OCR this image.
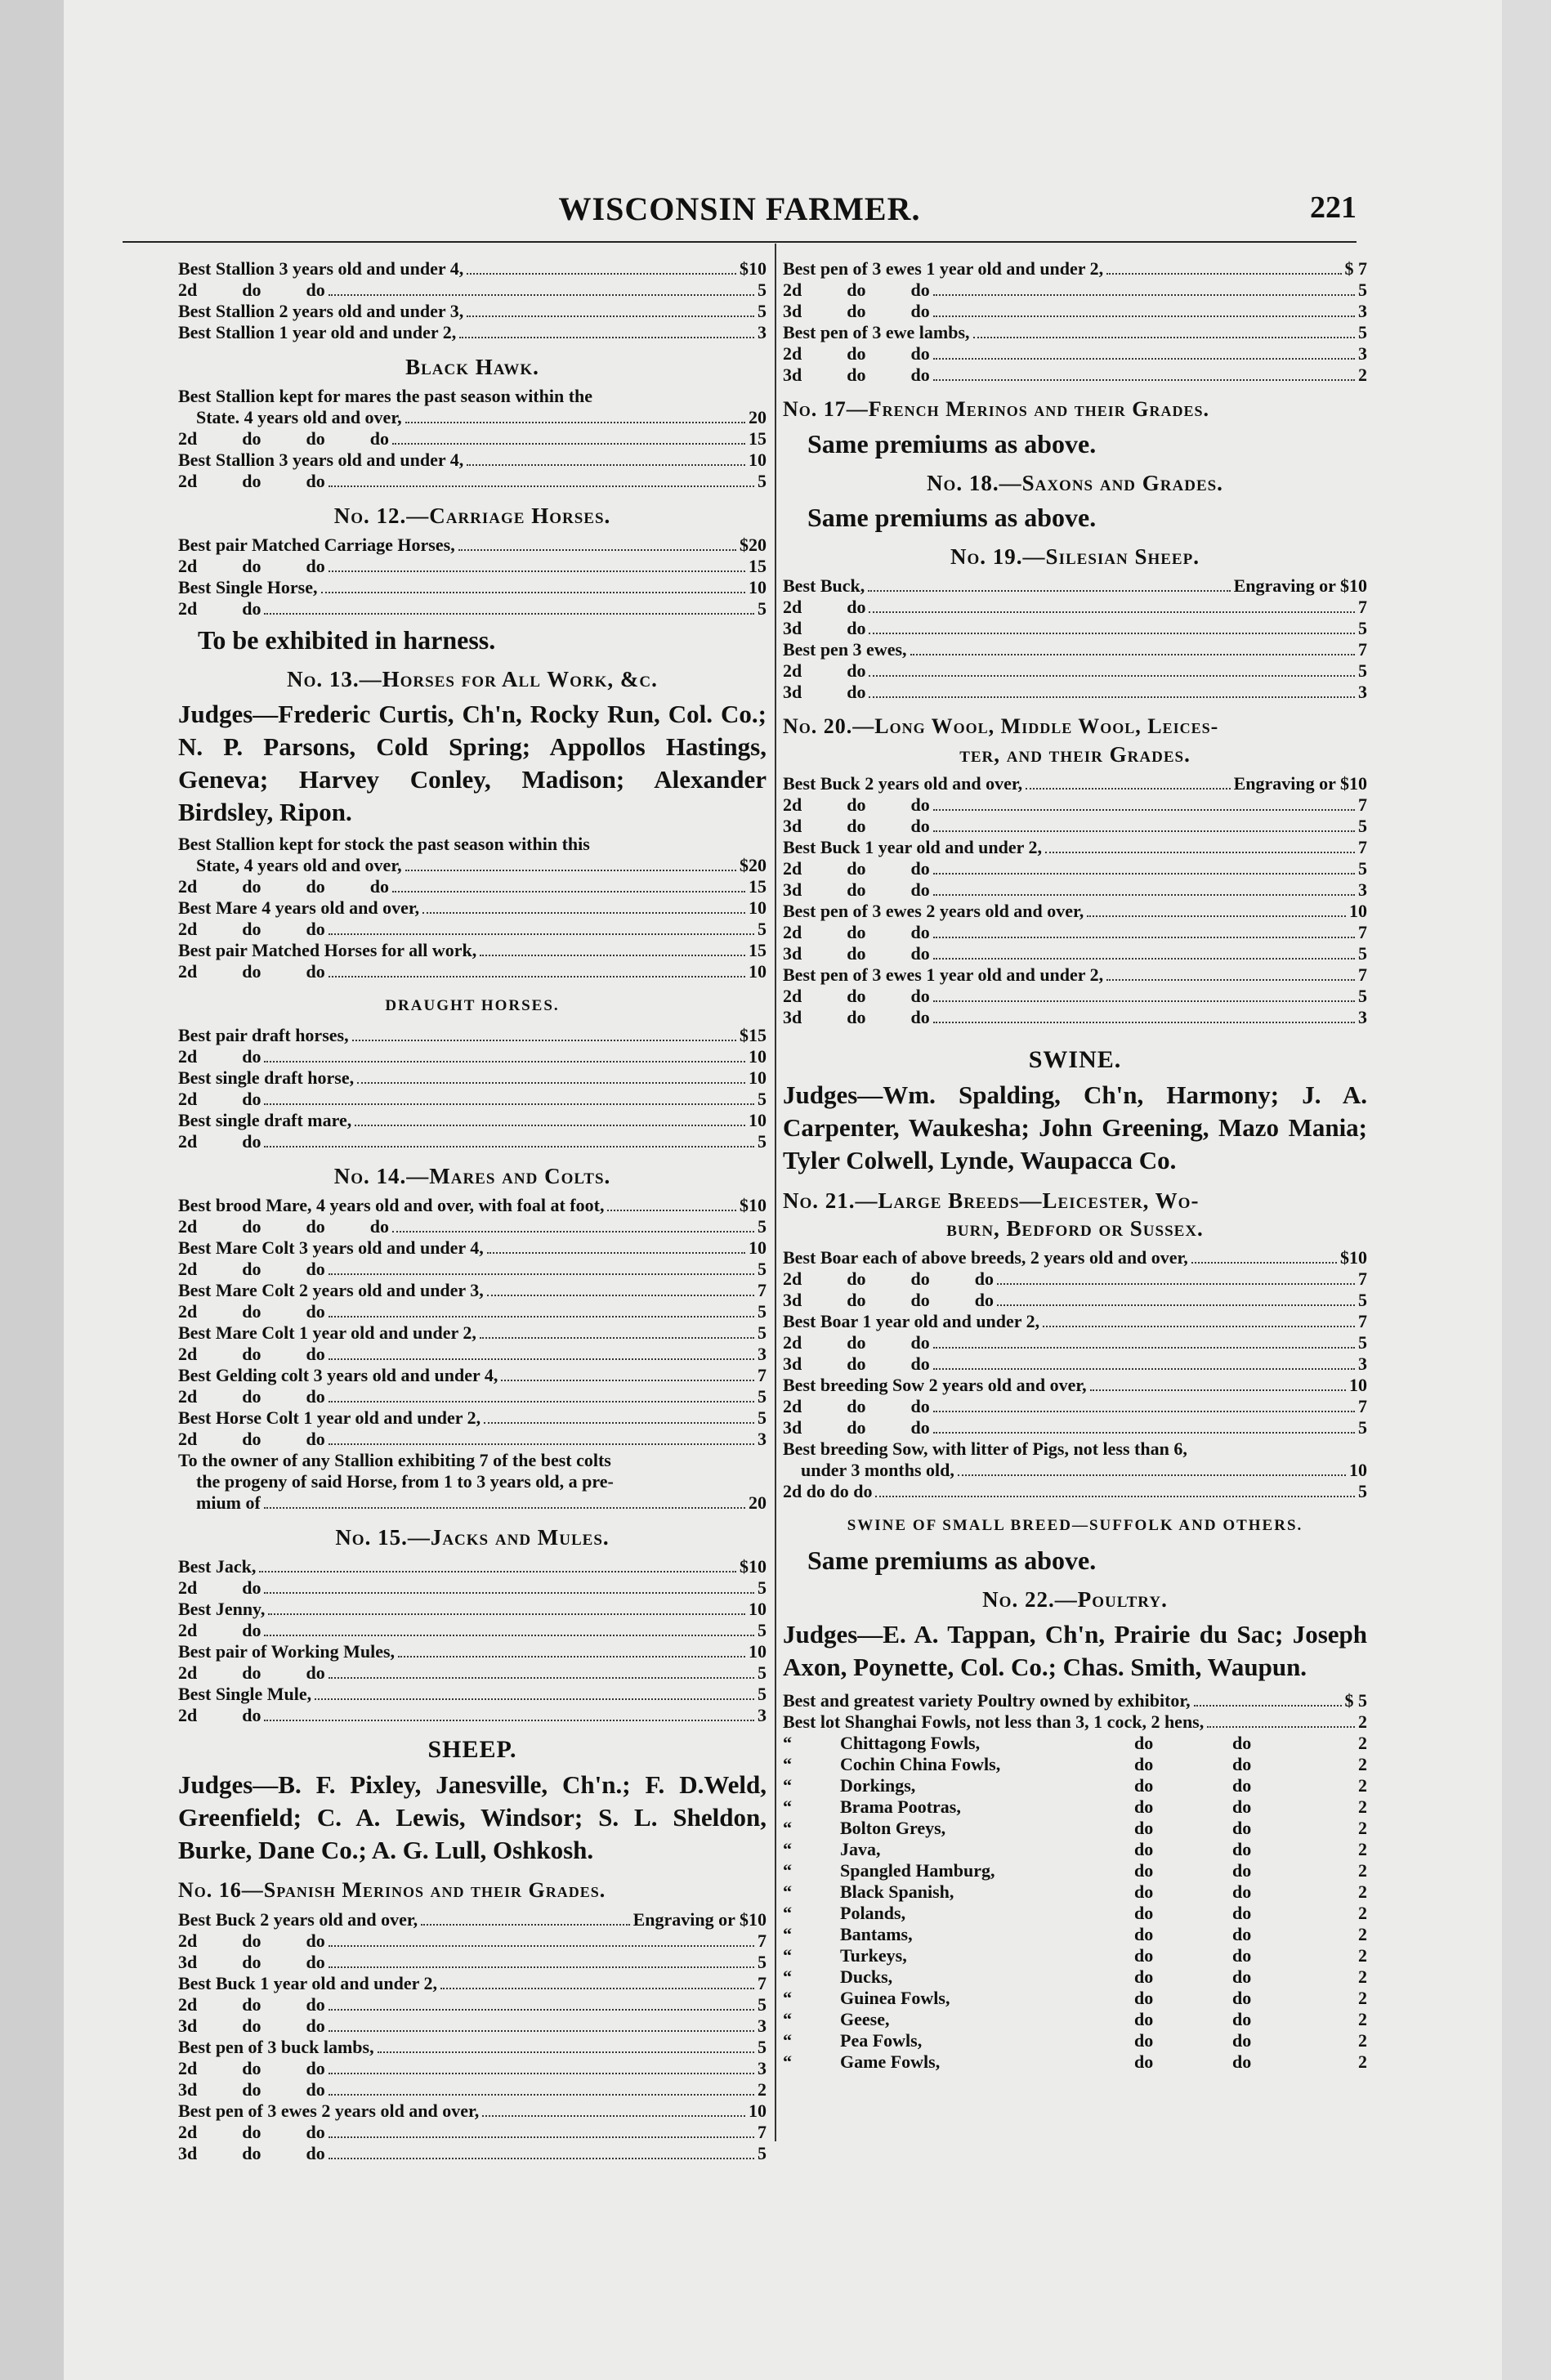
WISCONSIN FARMER.	221
Best Stallion 3 years old and under 4,	$10
2d          do          do	5
Best Stallion 2 years old and under 3,	5
Best Stallion 1 year old and under 2,	3
Black Hawk.
Best Stallion kept for mares the past season within the
State. 4 years old and over,	20
2d          do          do          do	15
Best Stallion 3 years old and under 4,	10
2d          do          do	5
No. 12.—Carriage Horses.
Best pair Matched Carriage Horses,	$20
2d          do          do	15
Best Single Horse,	10
2d          do	5
To be exhibited in harness.
No. 13.—Horses for All Work, &c.
Judges—Frederic Curtis, Ch'n, Rocky Run, Col. Co.; N. P. Parsons, Cold Spring; Appollos Hastings, Geneva; Harvey Conley, Madison; Alexander Birdsley, Ripon.
Best Stallion kept for stock the past season within this
State, 4 years old and over,	$20
2d          do          do          do	15
Best Mare 4 years old and over,	10
2d          do          do	5
Best pair Matched Horses for all work,	15
2d          do          do	10
DRAUGHT HORSES.
Best pair draft horses,	$15
2d          do	10
Best single draft horse,	10
2d          do	5
Best single draft mare,	10
2d          do	5
No. 14.—Mares and Colts.
Best brood Mare, 4 years old and over, with foal at foot,	$10
2d          do          do          do	5
Best Mare Colt 3 years old and under 4,	10
2d          do          do	5
Best Mare Colt 2 years old and under 3,	7
2d          do          do	5
Best Mare Colt 1 year old and under 2,	5
2d          do          do	3
Best Gelding colt 3 years old and under 4,	7
2d          do          do	5
Best Horse Colt 1 year old and under 2,	5
2d          do          do	3
To the owner of any Stallion exhibiting 7 of the best colts
the progeny of said Horse, from 1 to 3 years old, a pre-
mium of	20
No. 15.—Jacks and Mules.
Best Jack,	$10
2d          do	5
Best Jenny,	10
2d          do	5
Best pair of Working Mules,	10
2d          do          do	5
Best Single Mule,	5
2d          do	3
SHEEP.
Judges—B. F. Pixley, Janesville, Ch'n.; F. D.Weld, Greenfield; C. A. Lewis, Windsor; S. L. Sheldon, Burke, Dane Co.; A. G. Lull, Oshkosh.
No. 16—Spanish Merinos and their Grades.
Best Buck 2 years old and over,	Engraving or $10
2d          do          do	7
3d          do          do	5
Best Buck 1 year old and under 2,	7
2d          do          do	5
3d          do          do	3
Best pen of 3 buck lambs,	5
2d          do          do	3
3d          do          do	2
Best pen of 3 ewes 2 years old and over,	10
2d          do          do	7
3d          do          do	5
Best pen of 3 ewes 1 year old and under 2,	$ 7
2d          do          do	5
3d          do          do	3
Best pen of 3 ewe lambs,	5
2d          do          do	3
3d          do          do	2
No. 17—French Merinos and their Grades.
Same premiums as above.
No. 18.—Saxons and Grades.
Same premiums as above.
No. 19.—Silesian Sheep.
Best Buck,	Engraving or $10
2d          do	7
3d          do	5
Best pen 3 ewes,	7
2d          do	5
3d          do	3
No. 20.—Long Wool, Middle Wool, Leices-
ter, and their Grades.
Best Buck 2 years old and over,	Engraving or $10
2d          do          do	7
3d          do          do	5
Best Buck 1 year old and under 2,	7
2d          do          do	5
3d          do          do	3
Best pen of 3 ewes 2 years old and over,	10
2d          do          do	7
3d          do          do	5
Best pen of 3 ewes 1 year old and under 2,	7
2d          do          do	5
3d          do          do	3
SWINE.
Judges—Wm. Spalding, Ch'n, Harmony; J. A. Carpenter, Waukesha; John Greening, Mazo Mania; Tyler Colwell, Lynde, Waupacca Co.
No. 21.—Large Breeds—Leicester, Wo-
burn, Bedford or Sussex.
Best Boar each of above breeds, 2 years old and over,	$10
2d          do          do          do	7
3d          do          do          do	5
Best Boar 1 year old and under 2,	7
2d          do          do	5
3d          do          do	3
Best breeding Sow 2 years old and over,	10
2d          do          do	7
3d          do          do	5
Best breeding Sow, with litter of Pigs, not less than 6,
under 3 months old,	10
2d do do do	5
SWINE OF SMALL BREED—SUFFOLK AND OTHERS.
Same premiums as above.
No. 22.—Poultry.
Judges—E. A. Tappan, Ch'n, Prairie du Sac; Joseph Axon, Poynette, Col. Co.; Chas. Smith, Waupun.
Best and greatest variety Poultry owned by exhibitor,	$ 5
Best lot Shanghai Fowls, not less than 3, 1 cock, 2 hens,	2
“	Chittagong Fowls,	do	do	2
“	Cochin China Fowls,	do	do	2
“	Dorkings,	do	do	2
“	Brama Pootras,	do	do	2
“	Bolton Greys,	do	do	2
“	Java,	do	do	2
“	Spangled Hamburg,	do	do	2
“	Black Spanish,	do	do	2
“	Polands,	do	do	2
“	Bantams,	do	do	2
“	Turkeys,	do	do	2
“	Ducks,	do	do	2
“	Guinea Fowls,	do	do	2
“	Geese,	do	do	2
“	Pea Fowls,	do	do	2
“	Game Fowls,	do	do	2
